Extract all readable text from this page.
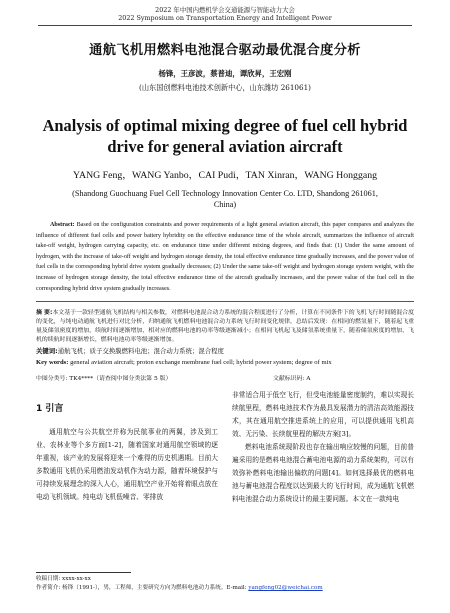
2022 年中国内燃机学会交通能源与智能动力大会
2022 Symposium on Transportation Energy and Intelligent Power
通航飞机用燃料电池混合驱动最优混合度分析
杨锋，王彦波，蔡普迪，谭欣昇，王宏刚
(山东国创燃料电池技术创新中心，山东潍坊 261061)
Analysis of optimal mixing degree of fuel cell hybrid
drive for general aviation aircraft
YANG Feng，WANG Yanbo，CAI Pudi，TAN Xinran，WANG Honggang
(Shandong Guochuang Fuel Cell Technology Innovation Center Co. LTD, Shandong 261061, China)
Abstract: Based on the configuration constraints and power requirements of a light general aviation aircraft, this paper compares and analyzes the influence of different fuel cells and power battery hybridity on the effective endurance time of the whole aircraft, summarizes the influence of aircraft take-off weight, hydrogen carrying capacity, etc. on endurance time under different mixing degrees, and finds that: (1) Under the same amount of hydrogen, with the increase of take-off weight and hydrogen storage density, the total effective endurance time gradually increases, and the power value of fuel cells in the corresponding hybrid drive system gradually decreases; (2) Under the same take-off weight and hydrogen storage system weight, with the increase of hydrogen storage density, the total effective endurance time of the aircraft gradually increases, and the power value of the fuel cell in the corresponding hybrid drive system gradually increases.
摘 要:本文基于一款轻型通航飞机结构与相关参数，对燃料电池混合动力系统的混合程度进行了分析，计算在不同条件下的飞机飞行时间随混合度的变化，与纯电动通航飞机进行对比分析，归纳通航飞机燃料电池混合动力系统飞行时间变化规律，总结后发现：在相同的燃氢量下，随着起飞重量及储氢密度的增加，续航时间逐渐增加，相对应的燃料电池的功率等级逐渐减小；在相同飞机起飞及储氢系统重量下，随着储氢密度的增加，飞机的续航时间逐渐增长，燃料电池功率等级逐渐增加。
关键词:通航飞机；质子交换膜燃料电池；混合动力系统；混合程度
Key words: general aviation aircraft; proton exchange membrane fuel cell; hybrid power system; degree of mix
中图分类号: TK4****（请查阅中图分类法第 5 版）	文献标识码: A
1 引言
通用航空与公共航空并称为民航事业的两翼，涉及到工业、农林业等个多方面[1-2]，随着国家对通用航空领域的逐年重视，该产业的发展将迎来一个难得的历史机遇期。目前大多数通用飞机仍采用燃油发动机作为动力源，随着环境保护与可持续发展理念的深入人心，通用航空产业开始将着眼点放在电动飞机领域。纯电动飞机低噪音、零排放
非常适合用于低空飞行，但受电池能量密度制约，难以实现长续航里程，燃料电池技术作为最具发展潜力的清洁高效能源技术，其在通用航空推进系统上的应用，可以提供通用飞机高效、无污染、长续航里程的解决方案[3]。
燃料电池系统现阶段也存在输出响应较慢的问题，目前普遍采用的是燃料电池混合蓄电池电源的动力系统架构，可以有效弥补燃料电池输出偏软的问题[4]。如何选择最优的燃料电池与蓄电池混合程度以达到最大的飞行时间，成为通航飞机燃料电池混合动力系统设计的最主要问题。本文在一款纯电
收稿日期: xxxx-xx-xx
作者简介: 杨锋（1991-），男，工程师，主要研究方向为燃料电池动力系统。E-mail: yangfeng02@weichai.com
